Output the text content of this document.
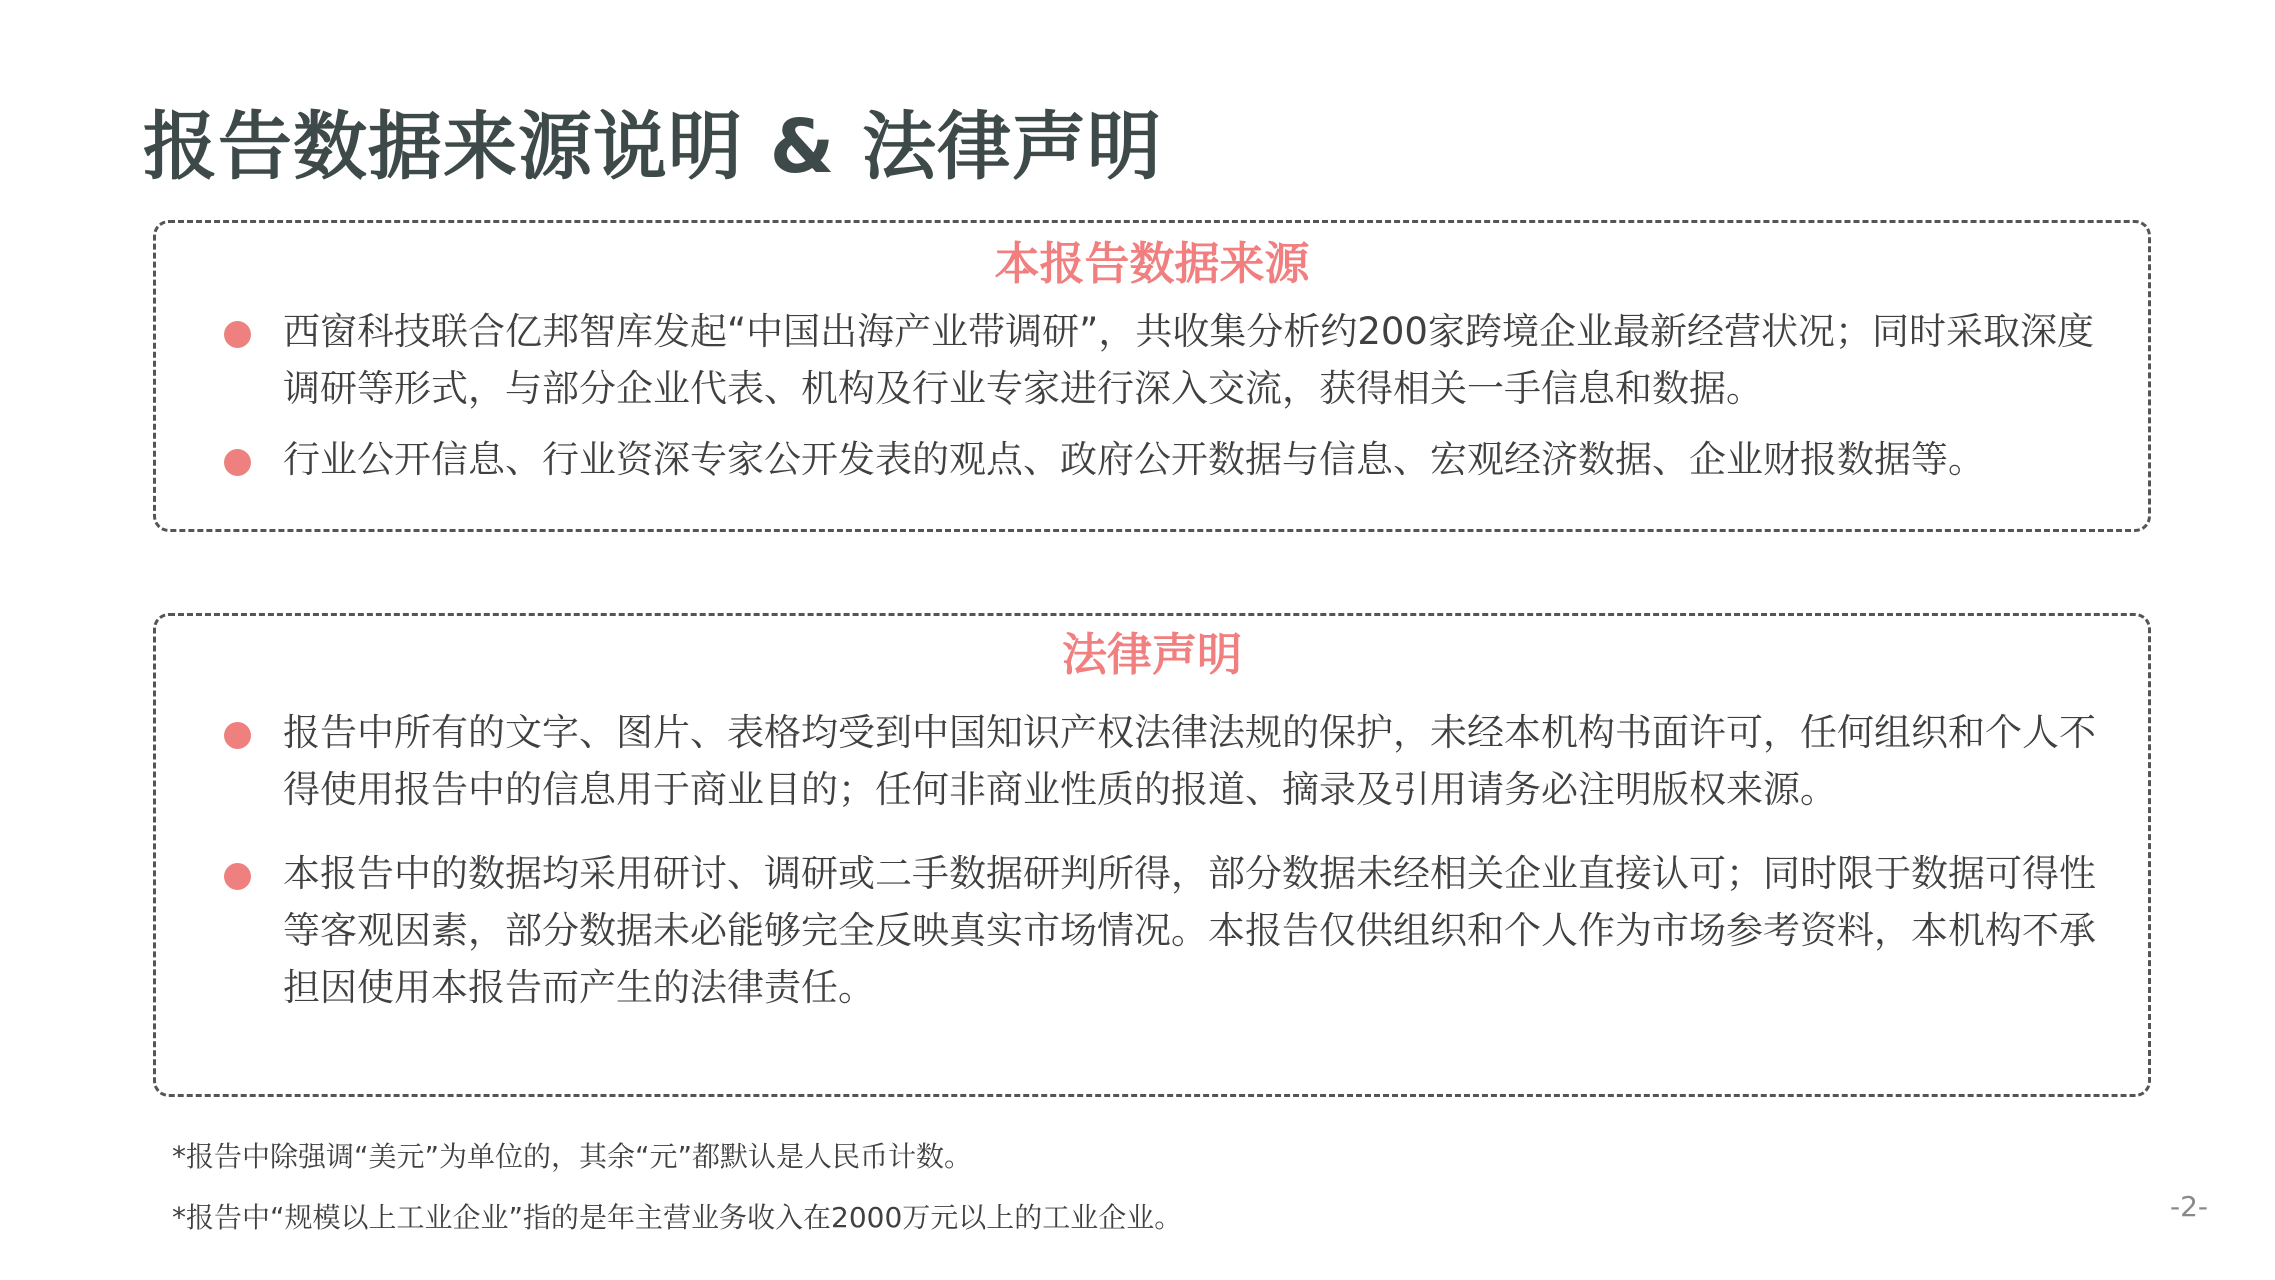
报告数据来源说明 & 法律声明
本报告数据来源
西窗科技联合亿邦智库发起“中国出海产业带调研”，共收集分析约200家跨境企业最新经营状况；同时采取深度调研等形式，与部分企业代表、机构及行业专家进行深入交流，获得相关一手信息和数据。
行业公开信息、行业资深专家公开发表的观点、政府公开数据与信息、宏观经济数据、企业财报数据等。
法律声明
报告中所有的文字、图片、表格均受到中国知识产权法律法规的保护，未经本机构书面许可，任何组织和个人不得使用报告中的信息用于商业目的；任何非商业性质的报道、摘录及引用请务必注明版权来源。
本报告中的数据均采用研讨、调研或二手数据研判所得，部分数据未经相关企业直接认可；同时限于数据可得性等客观因素，部分数据未必能够完全反映真实市场情况。本报告仅供组织和个人作为市场参考资料，本机构不承担因使用本报告而产生的法律责任。
*报告中除强调“美元”为单位的，其余“元”都默认是人民币计数。
*报告中“规模以上工业企业”指的是年主营业务收入在2000万元以上的工业企业。	-2-
